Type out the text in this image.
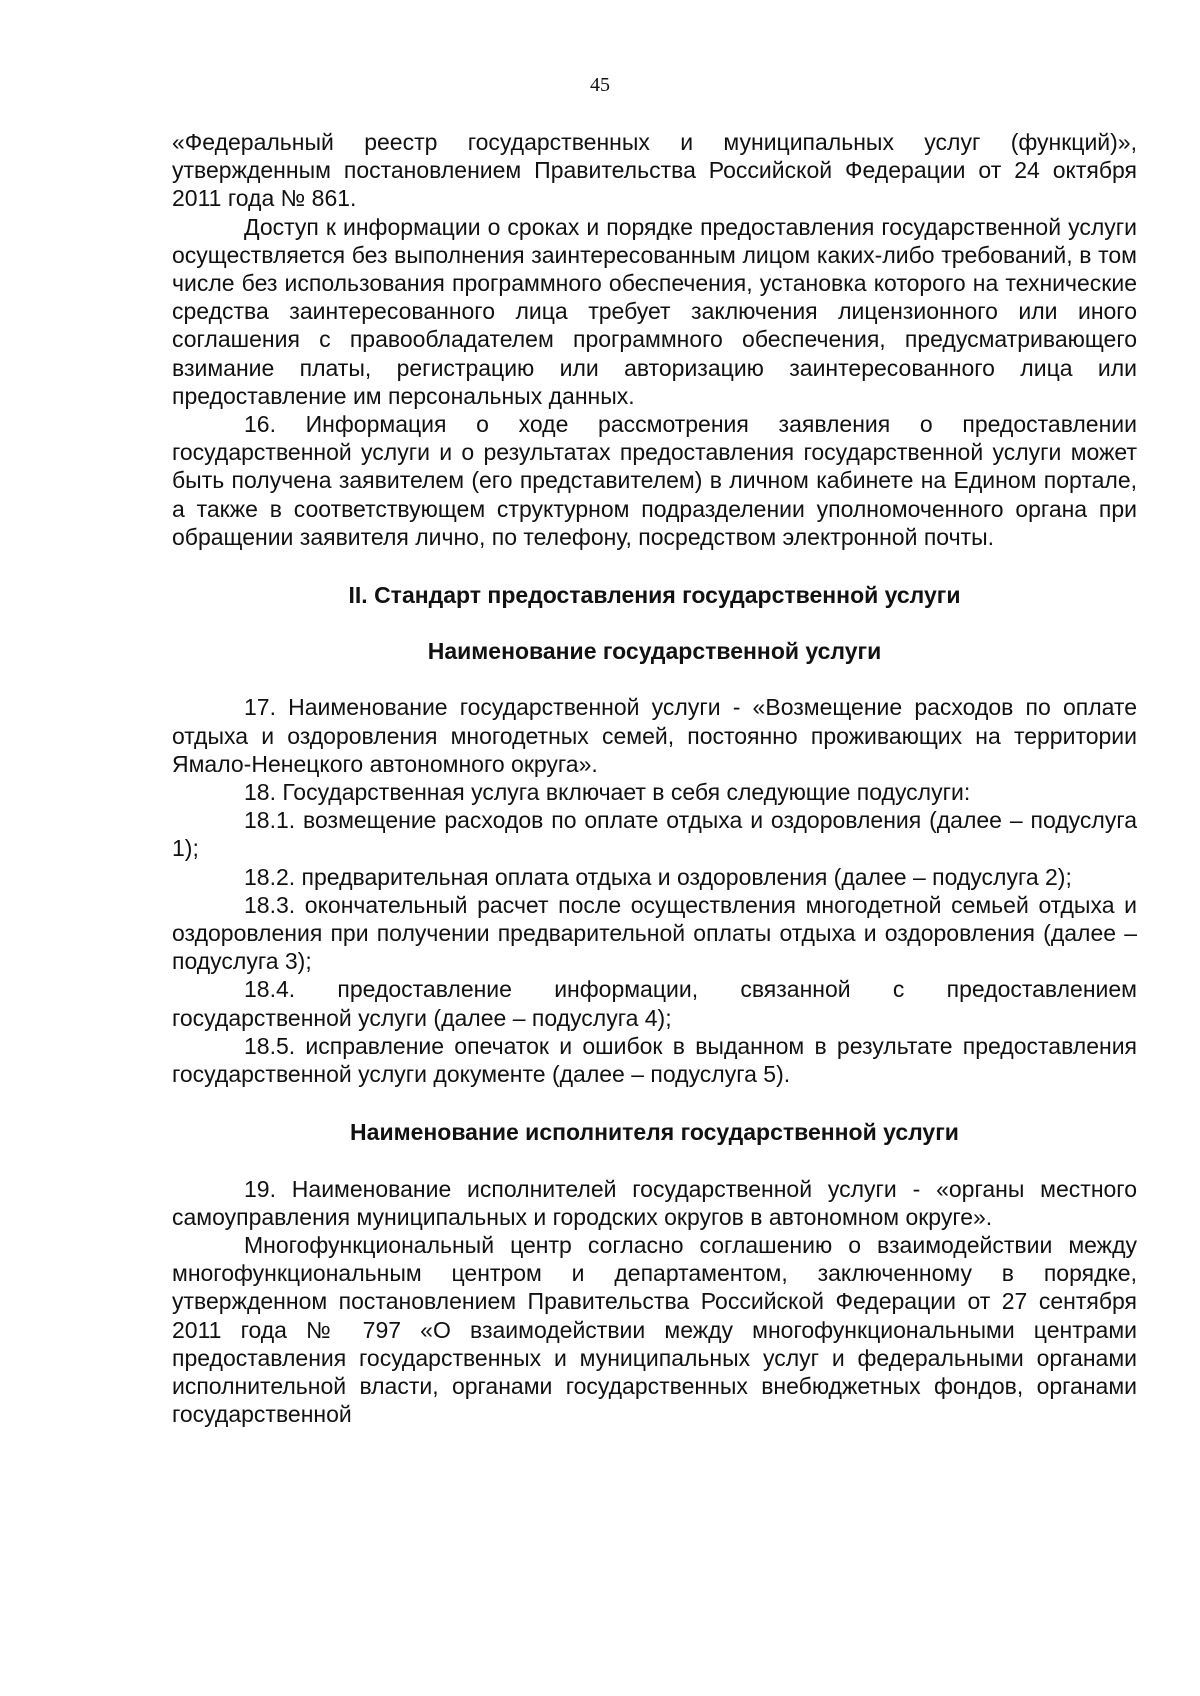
45

«Федеральный реестр государственных и муниципальных услуг (функций)», утвержденным постановлением Правительства Российской Федерации от 24 октября 2011 года № 861.

Доступ к информации о сроках и порядке предоставления государственной услуги осуществляется без выполнения заинтересованным лицом каких-либо требований, в том числе без использования программного обеспечения, установка которого на технические средства заинтересованного лица требует заключения лицензионного или иного соглашения с правообладателем программного обеспечения, предусматривающего взимание платы, регистрацию или авторизацию заинтересованного лица или предоставление им персональных данных.

16. Информация о ходе рассмотрения заявления о предоставлении государственной услуги и о результатах предоставления государственной услуги может быть получена заявителем (его представителем) в личном кабинете на Едином портале, а также в соответствующем структурном подразделении уполномоченного органа при обращении заявителя лично, по телефону, посредством электронной почты.

II. Стандарт предоставления государственной услуги
Наименование государственной услуги

17. Наименование государственной услуги - «Возмещение расходов по оплате отдыха и оздоровления многодетных семей, постоянно проживающих на территории Ямало-Ненецкого автономного округа».

18. Государственная услуга включает в себя следующие подуслуги:

18.1. возмещение расходов по оплате отдыха и оздоровления (далее – подуслуга 1);

18.2. предварительная оплата отдыха и оздоровления (далее – подуслуга 2);

18.3. окончательный расчет после осуществления многодетной семьей отдыха и оздоровления при получении предварительной оплаты отдыха и оздоровления (далее – подуслуга 3);

18.4. предоставление информации, связанной с предоставлением государственной услуги (далее – подуслуга 4);

18.5. исправление опечаток и ошибок в выданном в результате предоставления государственной услуги документе (далее – подуслуга 5).

Наименование исполнителя государственной услуги

19. Наименование исполнителей государственной услуги - «органы местного самоуправления муниципальных и городских округов в автономном округе».

Многофункциональный центр согласно соглашению о взаимодействии между многофункциональным центром и департаментом, заключенному в порядке, утвержденном постановлением Правительства Российской Федерации от 27 сентября 2011 года № 797 «О взаимодействии между многофункциональными центрами предоставления государственных и муниципальных услуг и федеральными органами исполнительной власти, органами государственных внебюджетных фондов, органами государственной
